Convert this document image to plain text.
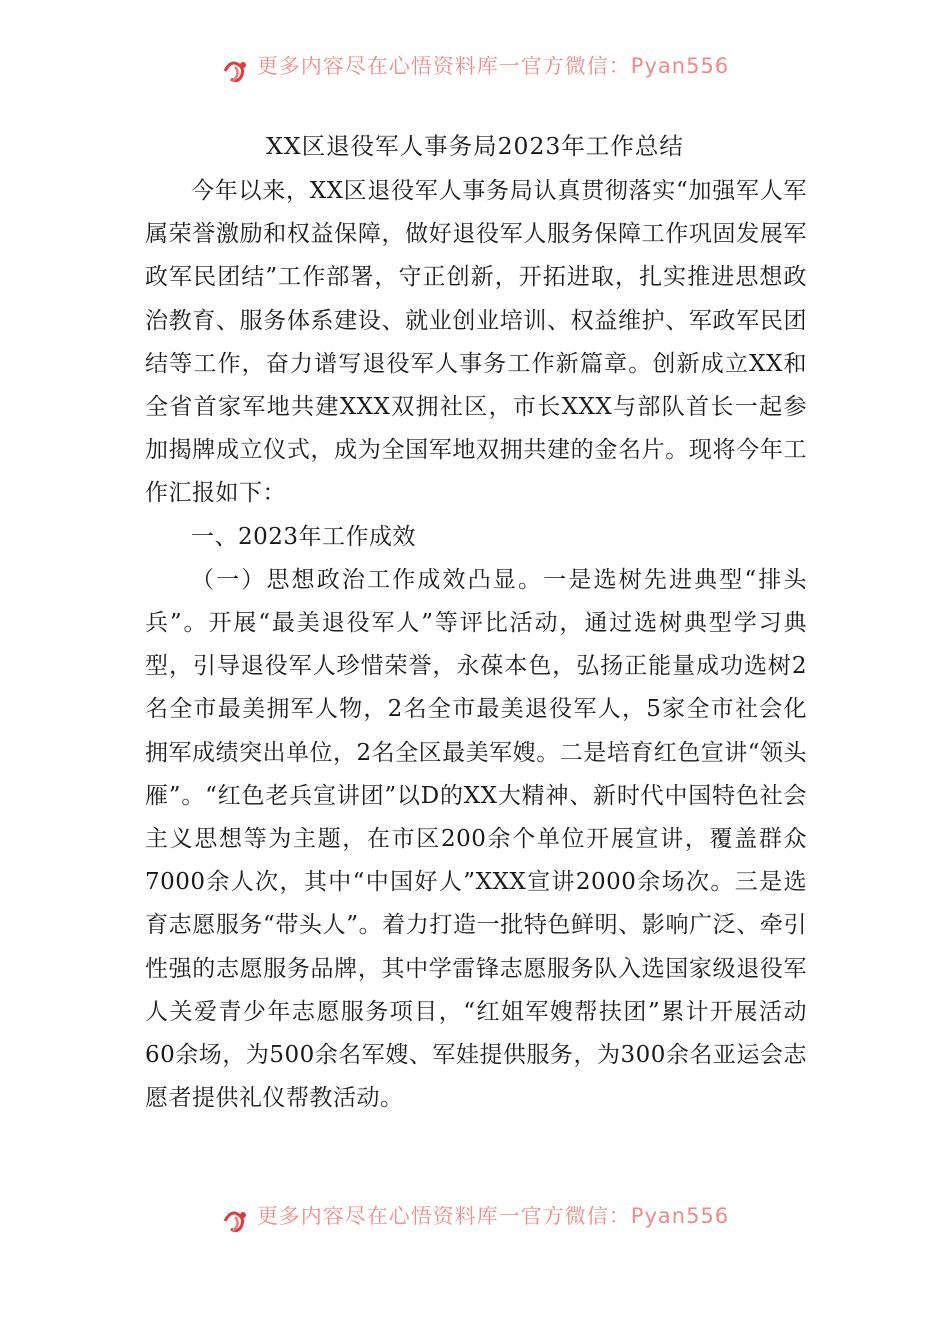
更多内容尽在心悟资料库一官方微信：Pyan556
XX区退役军人事务局2023年工作总结

今年以来，XX区退役军人事务局认真贯彻落实“加强军人军属荣誉激励和权益保障，做好退役军人服务保障工作巩固发展军政军民团结”工作部署，守正创新，开拓进取，扎实推进思想政治教育、服务体系建设、就业创业培训、权益维护、军政军民团结等工作，奋力谱写退役军人事务工作新篇章。创新成立XX和全省首家军地共建XXX双拥社区，市长XXX与部队首长一起参加揭牌成立仪式，成为全国军地双拥共建的金名片。现将今年工作汇报如下：

一、2023年工作成效

（一）思想政治工作成效凸显。一是选树先进典型“排头兵”。开展“最美退役军人”等评比活动，通过选树典型学习典型，引导退役军人珍惜荣誉，永葆本色，弘扬正能量成功选树2名全市最美拥军人物，2名全市最美退役军人，5家全市社会化拥军成绩突出单位，2名全区最美军嫂。二是培育红色宣讲“领头雁”。“红色老兵宣讲团”以D的XX大精神、新时代中国特色社会主义思想等为主题，在市区200余个单位开展宣讲，覆盖群众7000余人次，其中“中国好人”XXX宣讲2000余场次。三是选育志愿服务“带头人”。着力打造一批特色鲜明、影响广泛、牵引性强的志愿服务品牌，其中学雷锋志愿服务队入选国家级退役军人关爱青少年志愿服务项目，“红姐军嫂帮扶团”累计开展活动60余场，为500余名军嫂、军娃提供服务，为300余名亚运会志愿者提供礼仪帮教活动。

更多内容尽在心悟资料库一官方微信：Pyan556
